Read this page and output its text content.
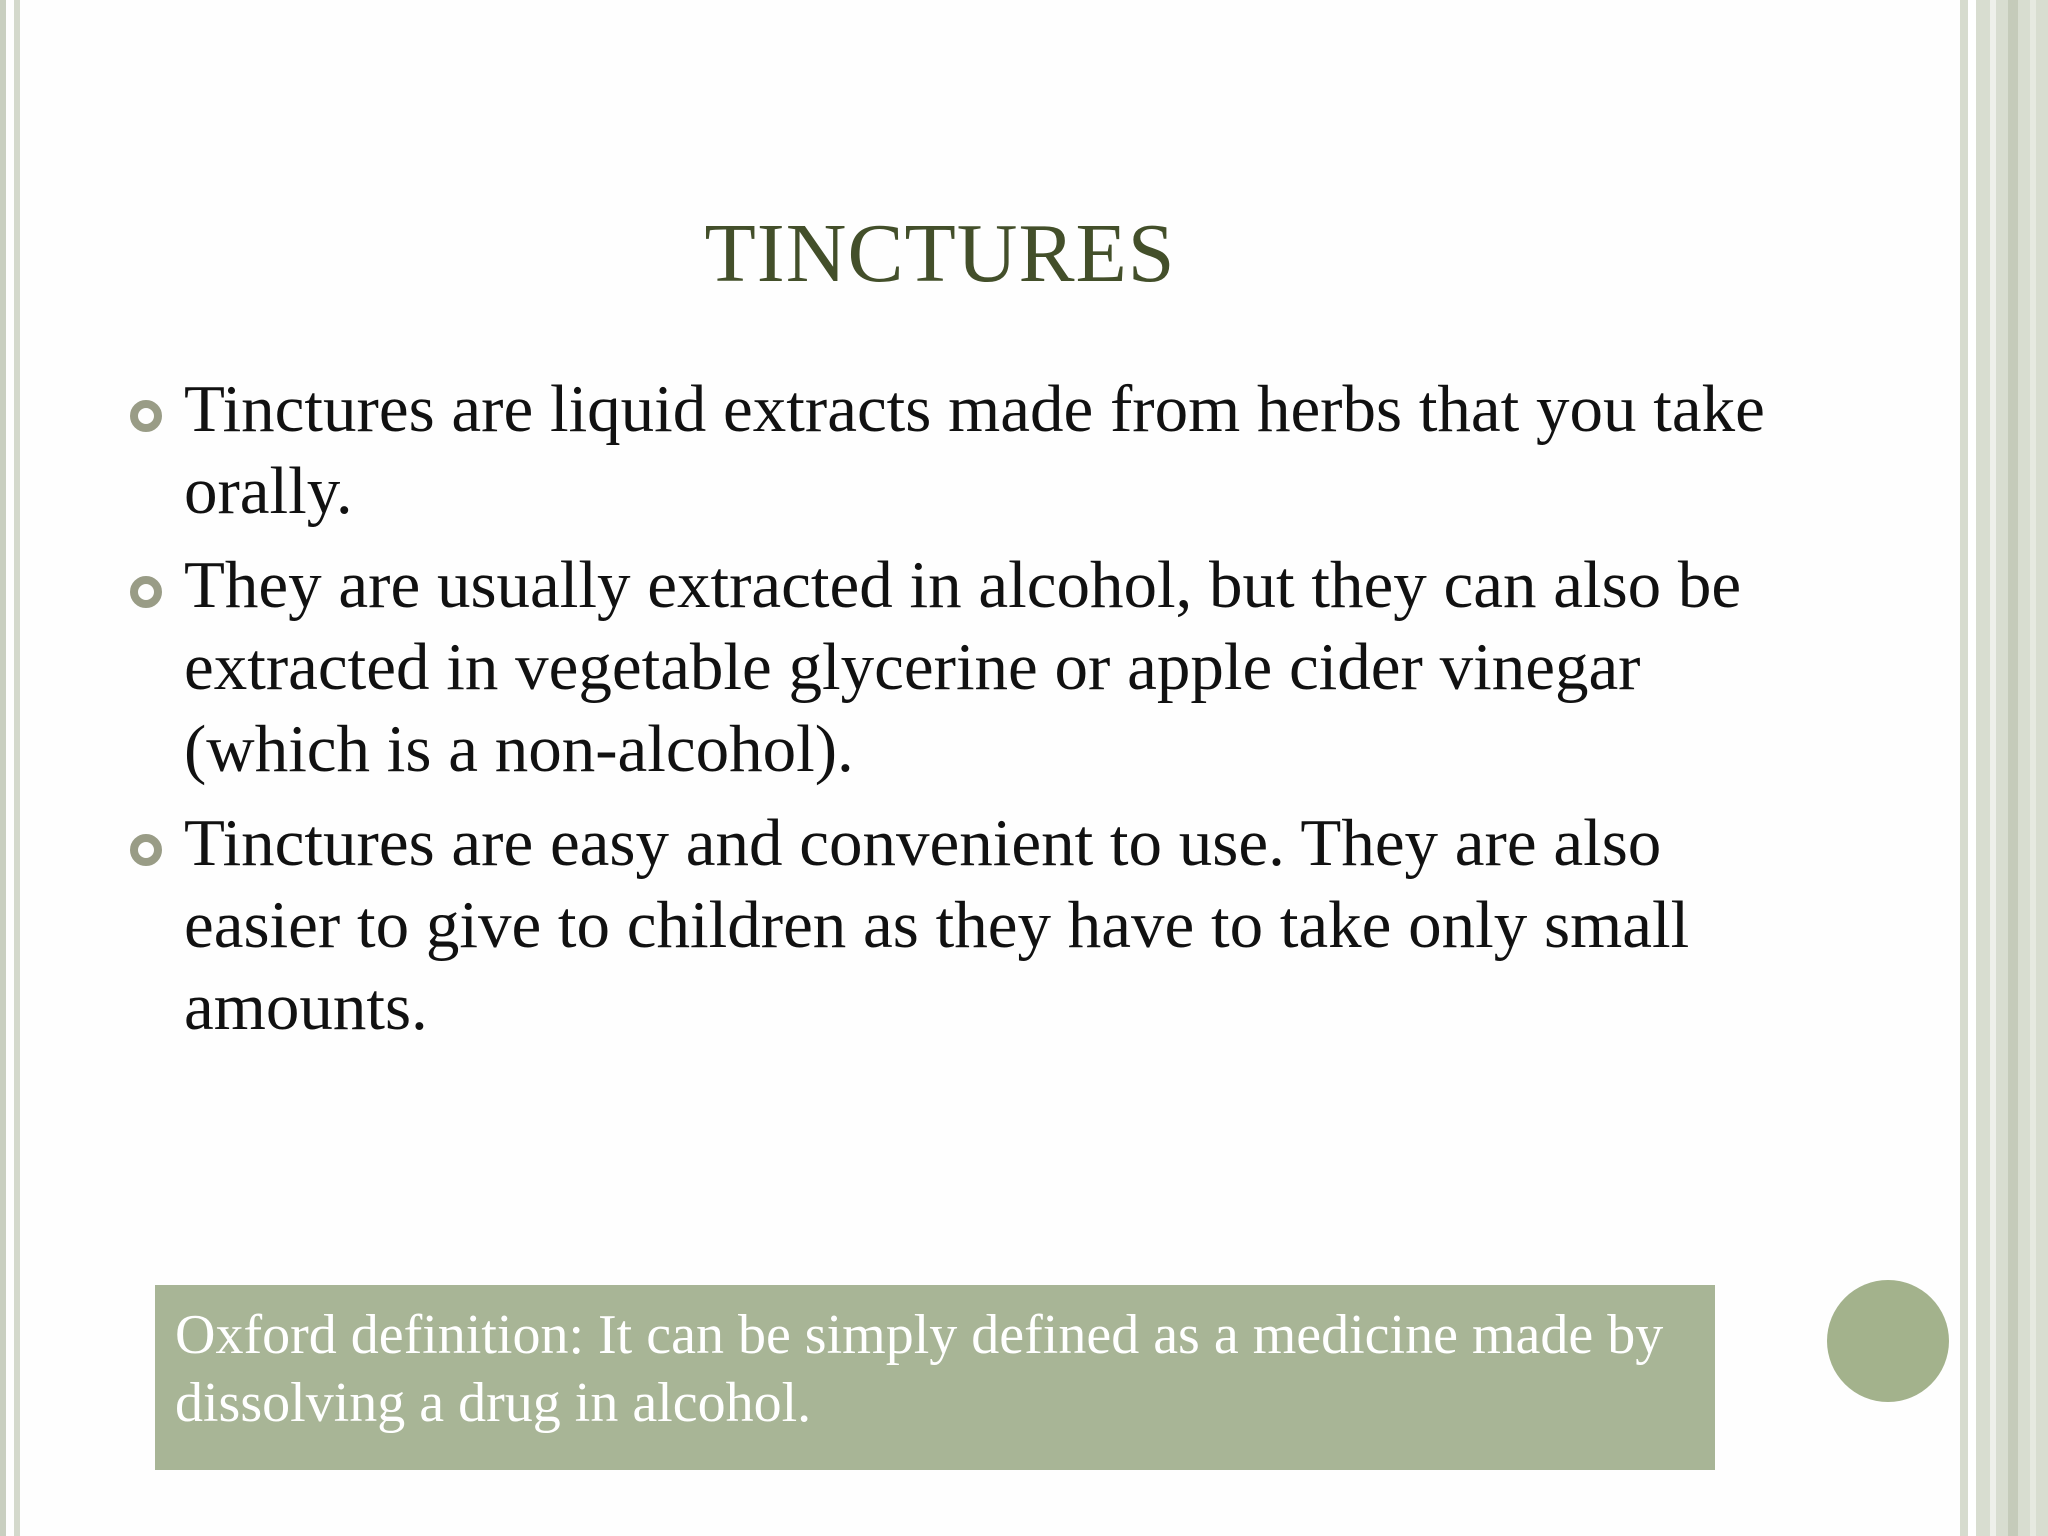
TINCTURES
Tinctures are liquid extracts made from herbs that you take orally.
They are usually extracted in alcohol, but they can also be extracted in vegetable glycerine or apple cider vinegar (which is a non-alcohol).
Tinctures are easy and convenient to use. They are also easier to give to children as they have to take only small amounts.
Oxford definition: It can be simply defined as a medicine made by dissolving a drug in alcohol.
